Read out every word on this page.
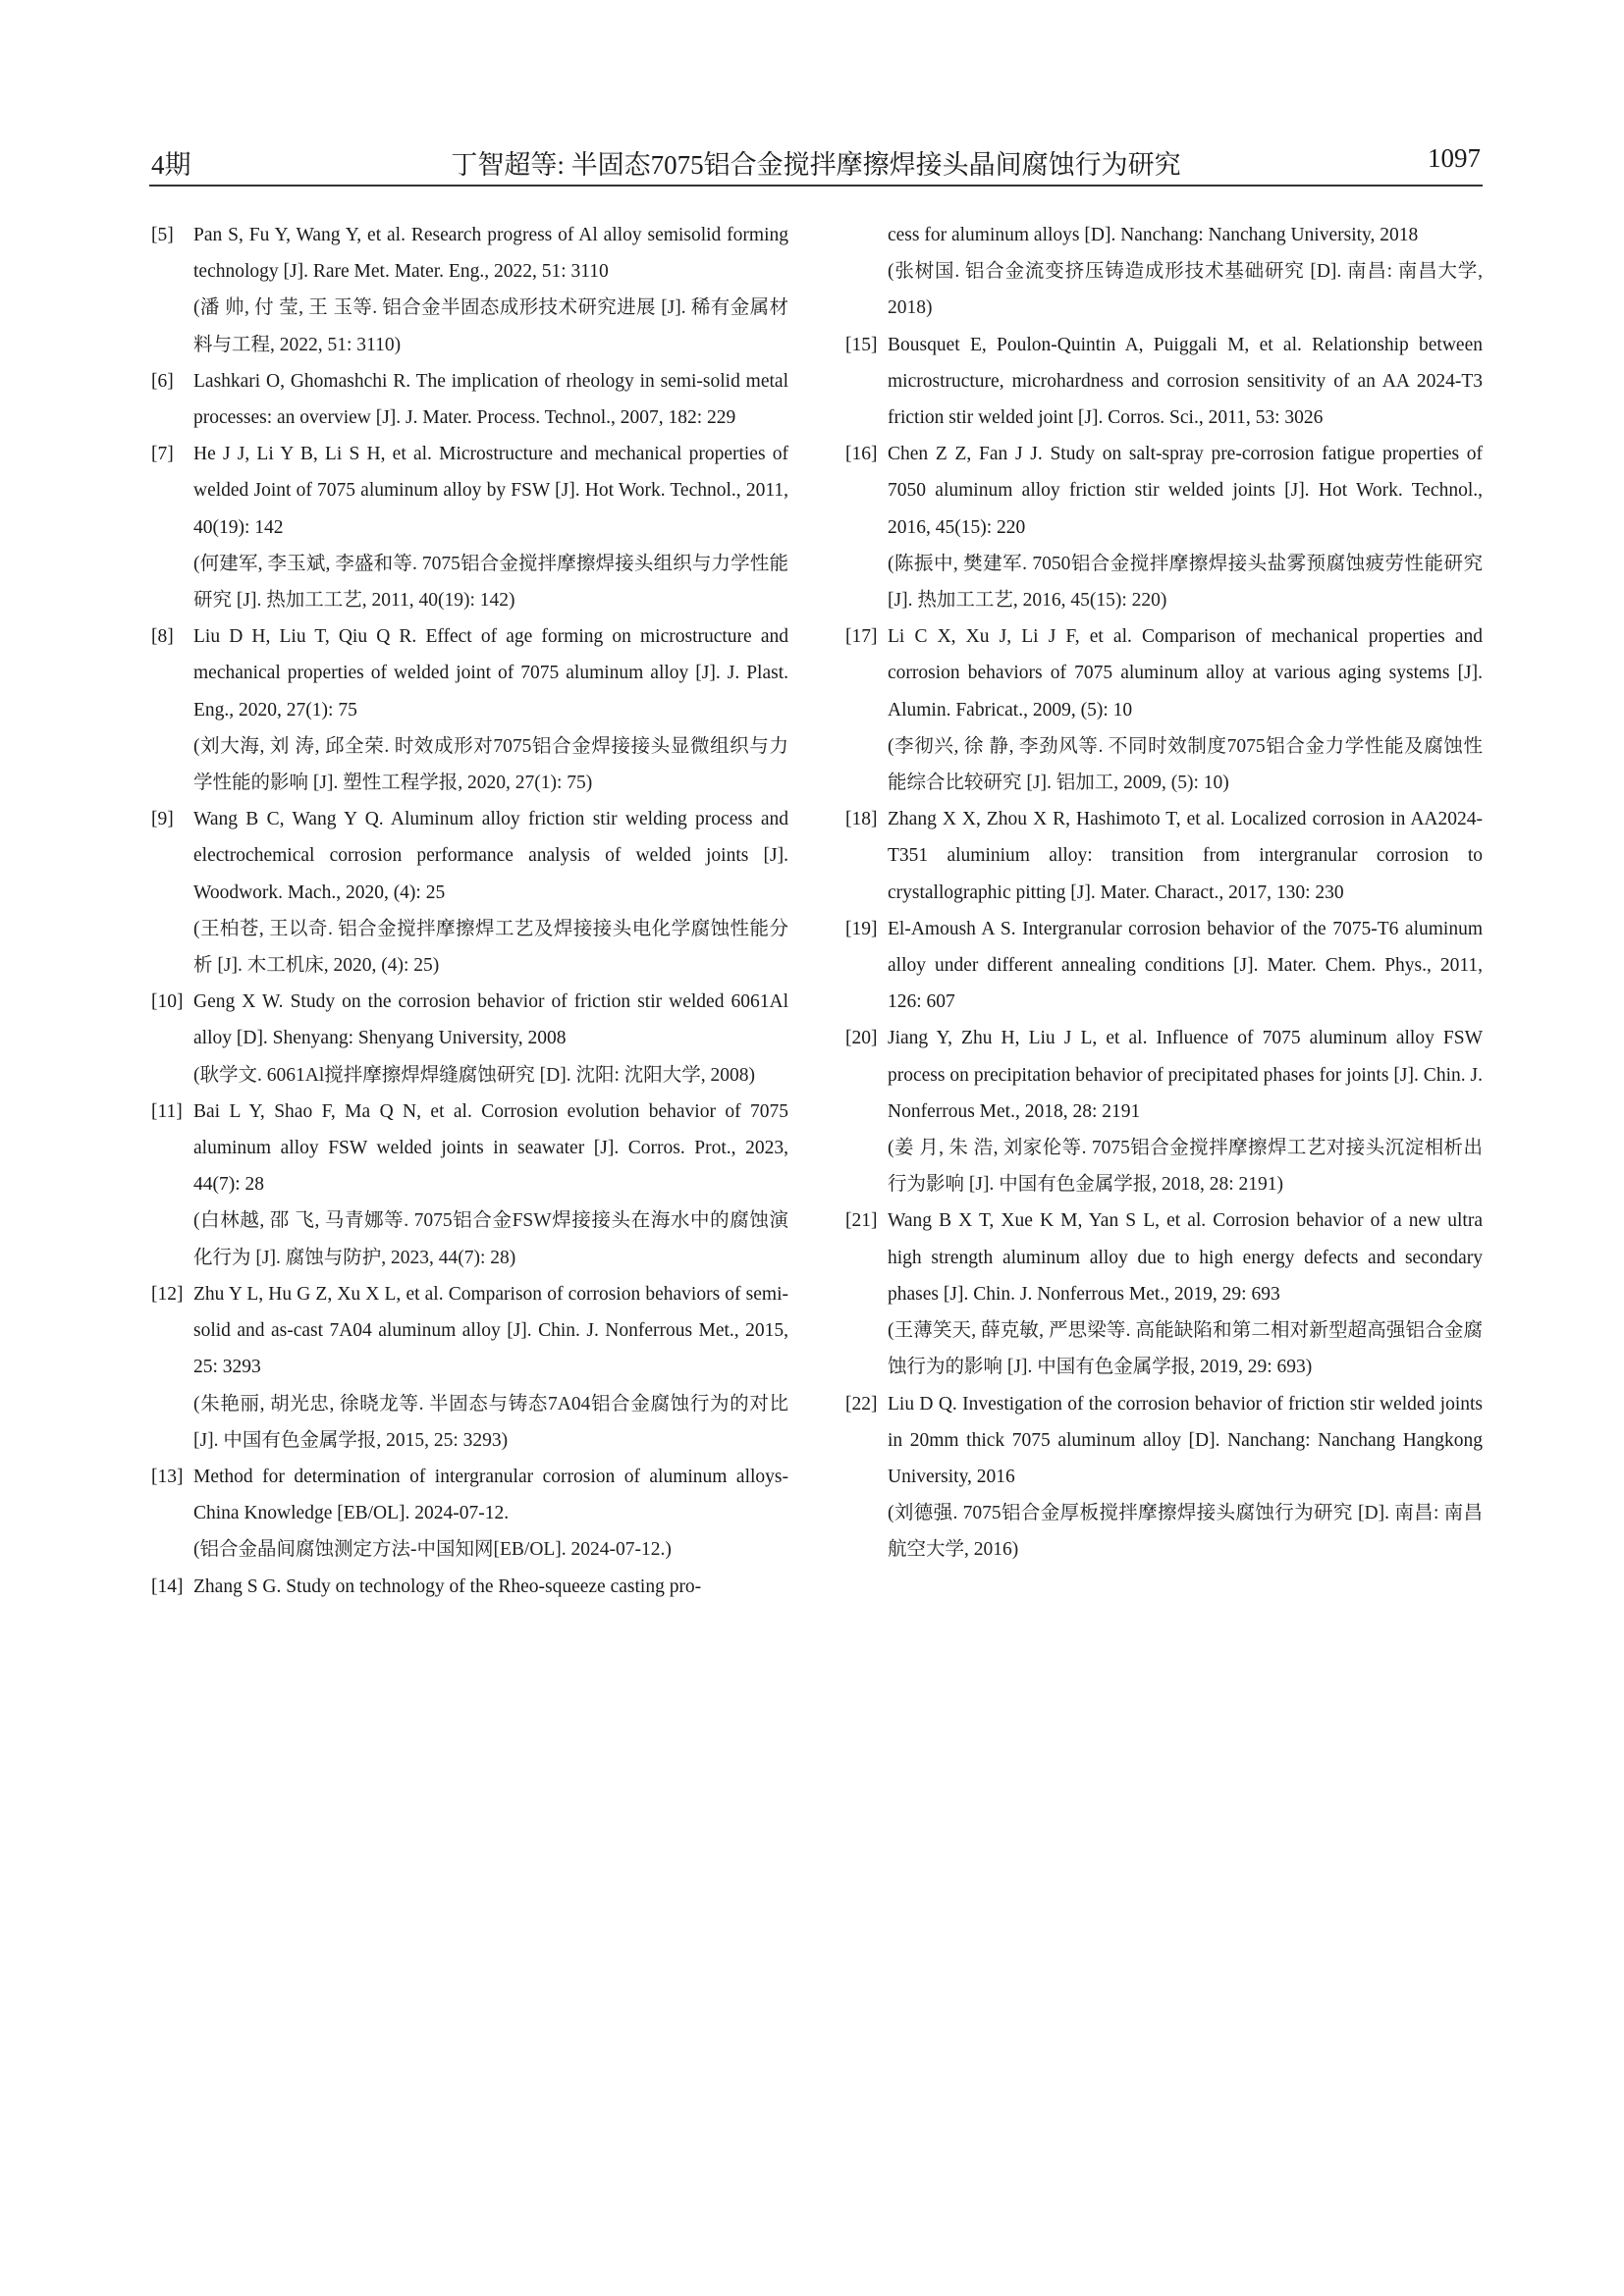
4期	丁智超等: 半固态7075铝合金搅拌摩擦焊接头晶间腐蚀行为研究	1097
[5] Pan S, Fu Y, Wang Y, et al. Research progress of Al alloy semisolid forming technology [J]. Rare Met. Mater. Eng., 2022, 51: 3110
(潘 帅, 付 莹, 王 玉等. 铝合金半固态成形技术研究进展 [J]. 稀有金属材料与工程, 2022, 51: 3110)
[6] Lashkari O, Ghomashchi R. The implication of rheology in semi-solid metal processes: an overview [J]. J. Mater. Process. Technol., 2007, 182: 229
[7] He J J, Li Y B, Li S H, et al. Microstructure and mechanical properties of welded Joint of 7075 aluminum alloy by FSW [J]. Hot Work. Technol., 2011, 40(19): 142
(何建军, 李玉斌, 李盛和等. 7075铝合金搅拌摩擦焊接头组织与力学性能研究 [J]. 热加工工艺, 2011, 40(19): 142)
[8] Liu D H, Liu T, Qiu Q R. Effect of age forming on microstructure and mechanical properties of welded joint of 7075 aluminum alloy [J]. J. Plast. Eng., 2020, 27(1): 75
(刘大海, 刘 涛, 邱全荣. 时效成形对7075铝合金焊接接头显微组织与力学性能的影响 [J]. 塑性工程学报, 2020, 27(1): 75)
[9] Wang B C, Wang Y Q. Aluminum alloy friction stir welding process and electrochemical corrosion performance analysis of welded joints [J]. Woodwork. Mach., 2020, (4): 25
(王柏苍, 王以奇. 铝合金搅拌摩擦焊工艺及焊接接头电化学腐蚀性能分析 [J]. 木工机床, 2020, (4): 25)
[10] Geng X W. Study on the corrosion behavior of friction stir welded 6061Al alloy [D]. Shenyang: Shenyang University, 2008
(耿学文. 6061Al搅拌摩擦焊焊缝腐蚀研究 [D]. 沈阳: 沈阳大学, 2008)
[11] Bai L Y, Shao F, Ma Q N, et al. Corrosion evolution behavior of 7075 aluminum alloy FSW welded joints in seawater [J]. Corros. Prot., 2023, 44(7): 28
(白林越, 邵 飞, 马青娜等. 7075铝合金FSW焊接接头在海水中的腐蚀演化行为 [J]. 腐蚀与防护, 2023, 44(7): 28)
[12] Zhu Y L, Hu G Z, Xu X L, et al. Comparison of corrosion behaviors of semi-solid and as-cast 7A04 aluminum alloy [J]. Chin. J. Nonferrous Met., 2015, 25: 3293
(朱艳丽, 胡光忠, 徐晓龙等. 半固态与铸态7A04铝合金腐蚀行为的对比 [J]. 中国有色金属学报, 2015, 25: 3293)
[13] Method for determination of intergranular corrosion of aluminum alloys-China Knowledge [EB/OL]. 2024-07-12.
(铝合金晶间腐蚀测定方法-中国知网[EB/OL]. 2024-07-12.)
[14] Zhang S G. Study on technology of the Rheo-squeeze casting pro-
cess for aluminum alloys [D]. Nanchang: Nanchang University, 2018
(张树国. 铝合金流变挤压铸造成形技术基础研究 [D]. 南昌: 南昌大学, 2018)
[15] Bousquet E, Poulon-Quintin A, Puiggali M, et al. Relationship between microstructure, microhardness and corrosion sensitivity of an AA 2024-T3 friction stir welded joint [J]. Corros. Sci., 2011, 53: 3026
[16] Chen Z Z, Fan J J. Study on salt-spray pre-corrosion fatigue properties of 7050 aluminum alloy friction stir welded joints [J]. Hot Work. Technol., 2016, 45(15): 220
(陈振中, 樊建军. 7050铝合金搅拌摩擦焊接头盐雾预腐蚀疲劳性能研究 [J]. 热加工工艺, 2016, 45(15): 220)
[17] Li C X, Xu J, Li J F, et al. Comparison of mechanical properties and corrosion behaviors of 7075 aluminum alloy at various aging systems [J]. Alumin. Fabricat., 2009, (5): 10
(李彻兴, 徐 静, 李劲风等. 不同时效制度7075铝合金力学性能及腐蚀性能综合比较研究 [J]. 铝加工, 2009, (5): 10)
[18] Zhang X X, Zhou X R, Hashimoto T, et al. Localized corrosion in AA2024-T351 aluminium alloy: transition from intergranular corrosion to crystallographic pitting [J]. Mater. Charact., 2017, 130: 230
[19] El-Amoush A S. Intergranular corrosion behavior of the 7075-T6 aluminum alloy under different annealing conditions [J]. Mater. Chem. Phys., 2011, 126: 607
[20] Jiang Y, Zhu H, Liu J L, et al. Influence of 7075 aluminum alloy FSW process on precipitation behavior of precipitated phases for joints [J]. Chin. J. Nonferrous Met., 2018, 28: 2191
(姜 月, 朱 浩, 刘家伦等. 7075铝合金搅拌摩擦焊工艺对接头沉淀相析出行为影响 [J]. 中国有色金属学报, 2018, 28: 2191)
[21] Wang B X T, Xue K M, Yan S L, et al. Corrosion behavior of a new ultra high strength aluminum alloy due to high energy defects and secondary phases [J]. Chin. J. Nonferrous Met., 2019, 29: 693
(王薄笑天, 薛克敏, 严思梁等. 高能缺陷和第二相对新型超高强铝合金腐蚀行为的影响 [J]. 中国有色金属学报, 2019, 29: 693)
[22] Liu D Q. Investigation of the corrosion behavior of friction stir welded joints in 20mm thick 7075 aluminum alloy [D]. Nanchang: Nanchang Hangkong University, 2016
(刘德强. 7075铝合金厚板搅拌摩擦焊接头腐蚀行为研究 [D]. 南昌: 南昌航空大学, 2016)
